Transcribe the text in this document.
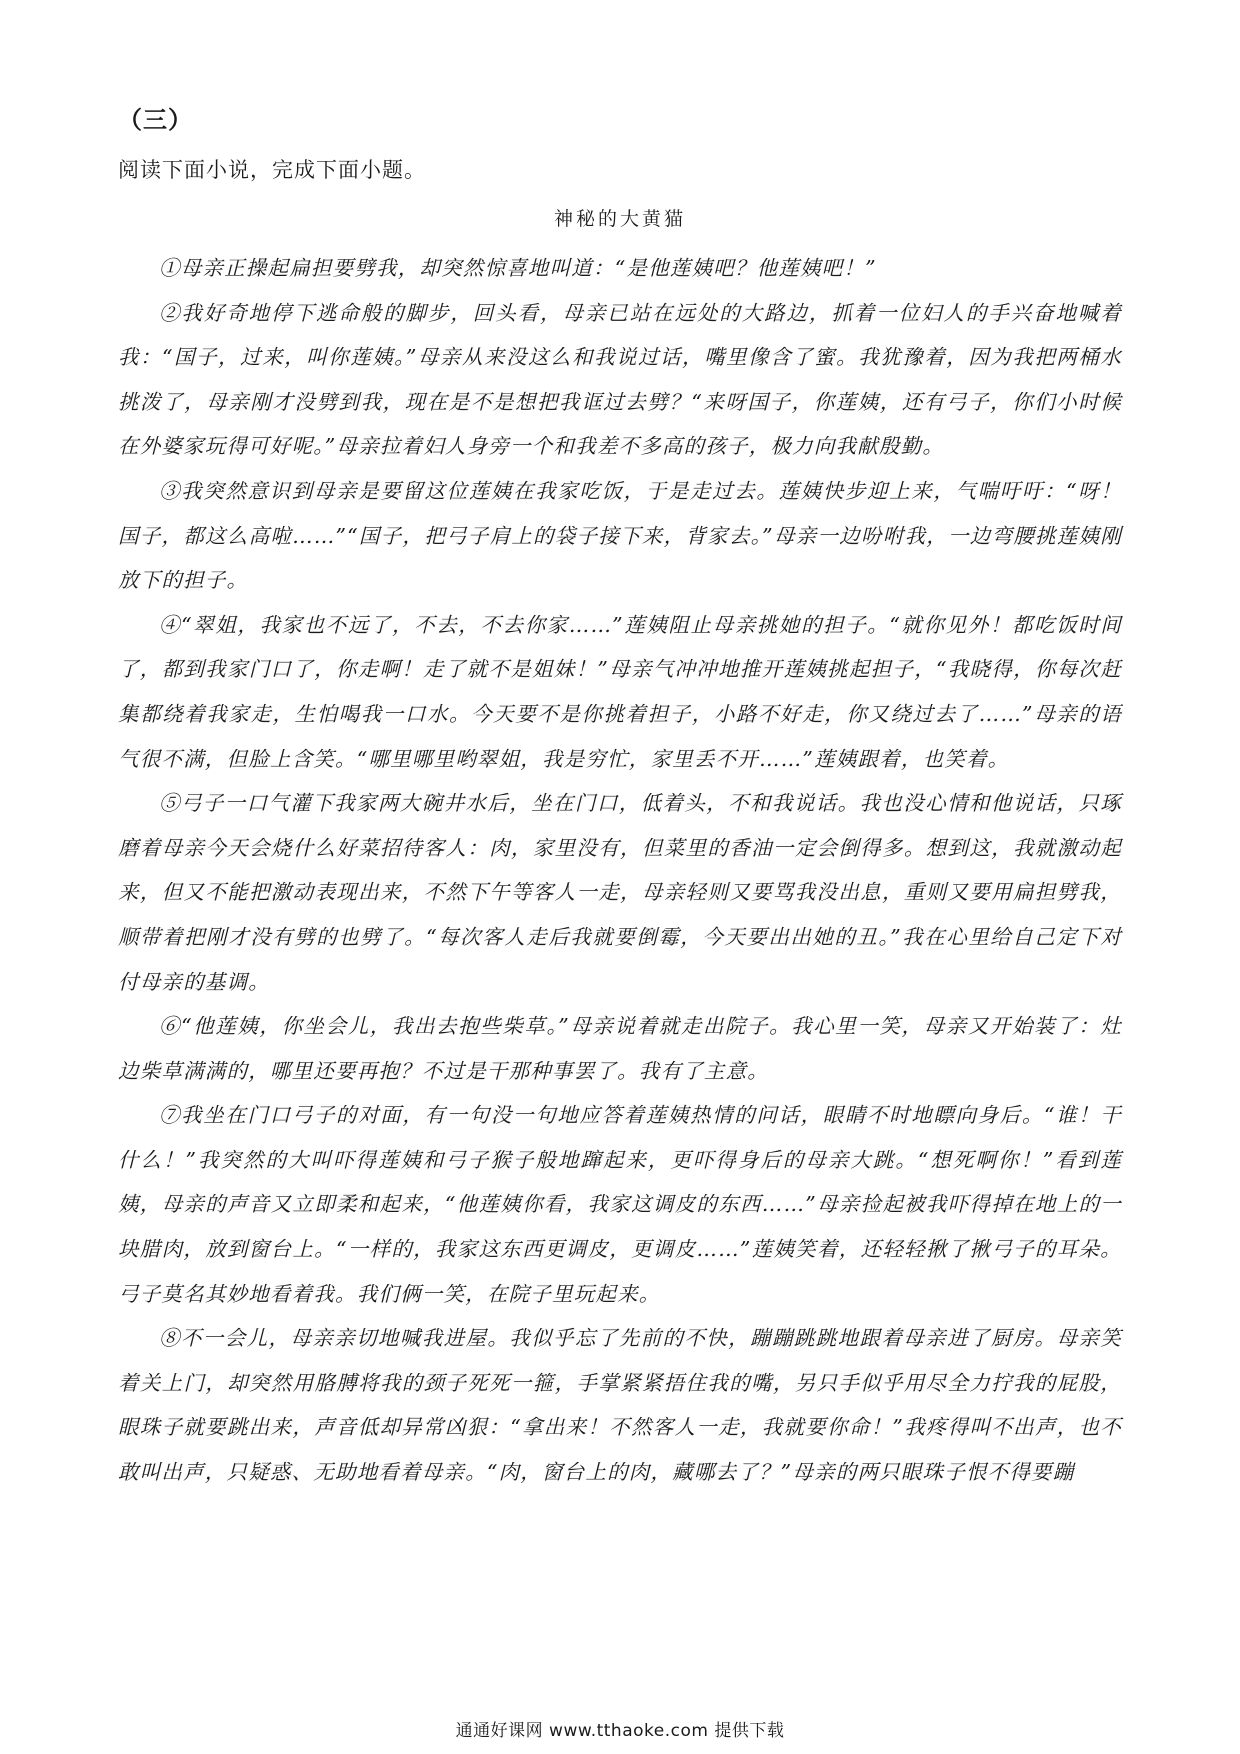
（三）
阅读下面小说，完成下面小题。
神秘的大黄猫

①母亲正操起扁担要劈我，却突然惊喜地叫道：“是他莲姨吧？他莲姨吧！”

②我好奇地停下逃命般的脚步，回头看，母亲已站在远处的大路边，抓着一位妇人的手兴奋地喊着我：“国子，过来，叫你莲姨。”母亲从来没这么和我说过话，嘴里像含了蜜。我犹豫着，因为我把两桶水挑泼了，母亲刚才没劈到我，现在是不是想把我诓过去劈？“来呀国子，你莲姨，还有弓子，你们小时候在外婆家玩得可好呢。”母亲拉着妇人身旁一个和我差不多高的孩子，极力向我献殷勤。

③我突然意识到母亲是要留这位莲姨在我家吃饭，于是走过去。莲姨快步迎上来，气喘吁吁：“呀！国子，都这么高啦……”“国子，把弓子肩上的袋子接下来，背家去。”母亲一边吩咐我，一边弯腰挑莲姨刚放下的担子。

④“翠姐，我家也不远了，不去，不去你家……”莲姨阻止母亲挑她的担子。“就你见外！都吃饭时间了，都到我家门口了，你走啊！走了就不是姐妹！”母亲气冲冲地推开莲姨挑起担子，“我晓得，你每次赶集都绕着我家走，生怕喝我一口水。今天要不是你挑着担子，小路不好走，你又绕过去了……”母亲的语气很不满，但脸上含笑。“哪里哪里哟翠姐，我是穷忙，家里丢不开……”莲姨跟着，也笑着。

⑤弓子一口气灌下我家两大碗井水后，坐在门口，低着头，不和我说话。我也没心情和他说话，只琢磨着母亲今天会烧什么好菜招待客人：肉，家里没有，但菜里的香油一定会倒得多。想到这，我就激动起来，但又不能把激动表现出来，不然下午等客人一走，母亲轻则又要骂我没出息，重则又要用扁担劈我，顺带着把刚才没有劈的也劈了。“每次客人走后我就要倒霉，今天要出出她的丑。”我在心里给自己定下对付母亲的基调。

⑥“他莲姨，你坐会儿，我出去抱些柴草。”母亲说着就走出院子。我心里一笑，母亲又开始装了：灶边柴草满满的，哪里还要再抱？不过是干那种事罢了。我有了主意。

⑦我坐在门口弓子的对面，有一句没一句地应答着莲姨热情的问话，眼睛不时地瞟向身后。“谁！干什么！”我突然的大叫吓得莲姨和弓子猴子般地蹿起来，更吓得身后的母亲大跳。“想死啊你！”看到莲姨，母亲的声音又立即柔和起来，“他莲姨你看，我家这调皮的东西……”母亲捡起被我吓得掉在地上的一块腊肉，放到窗台上。“一样的，我家这东西更调皮，更调皮……”莲姨笑着，还轻轻揪了揪弓子的耳朵。弓子莫名其妙地看着我。我们俩一笑，在院子里玩起来。

⑧不一会儿，母亲亲切地喊我进屋。我似乎忘了先前的不快，蹦蹦跳跳地跟着母亲进了厨房。母亲笑着关上门，却突然用胳膊将我的颈子死死一箍，手掌紧紧捂住我的嘴，另只手似乎用尽全力拧我的屁股，眼珠子就要跳出来，声音低却异常凶狠：“拿出来！不然客人一走，我就要你命！”我疼得叫不出声，也不敢叫出声，只疑惑、无助地看着母亲。“肉，窗台上的肉，藏哪去了？”母亲的两只眼珠子恨不得要蹦

通通好课网 www.tthaoke.com 提供下载
